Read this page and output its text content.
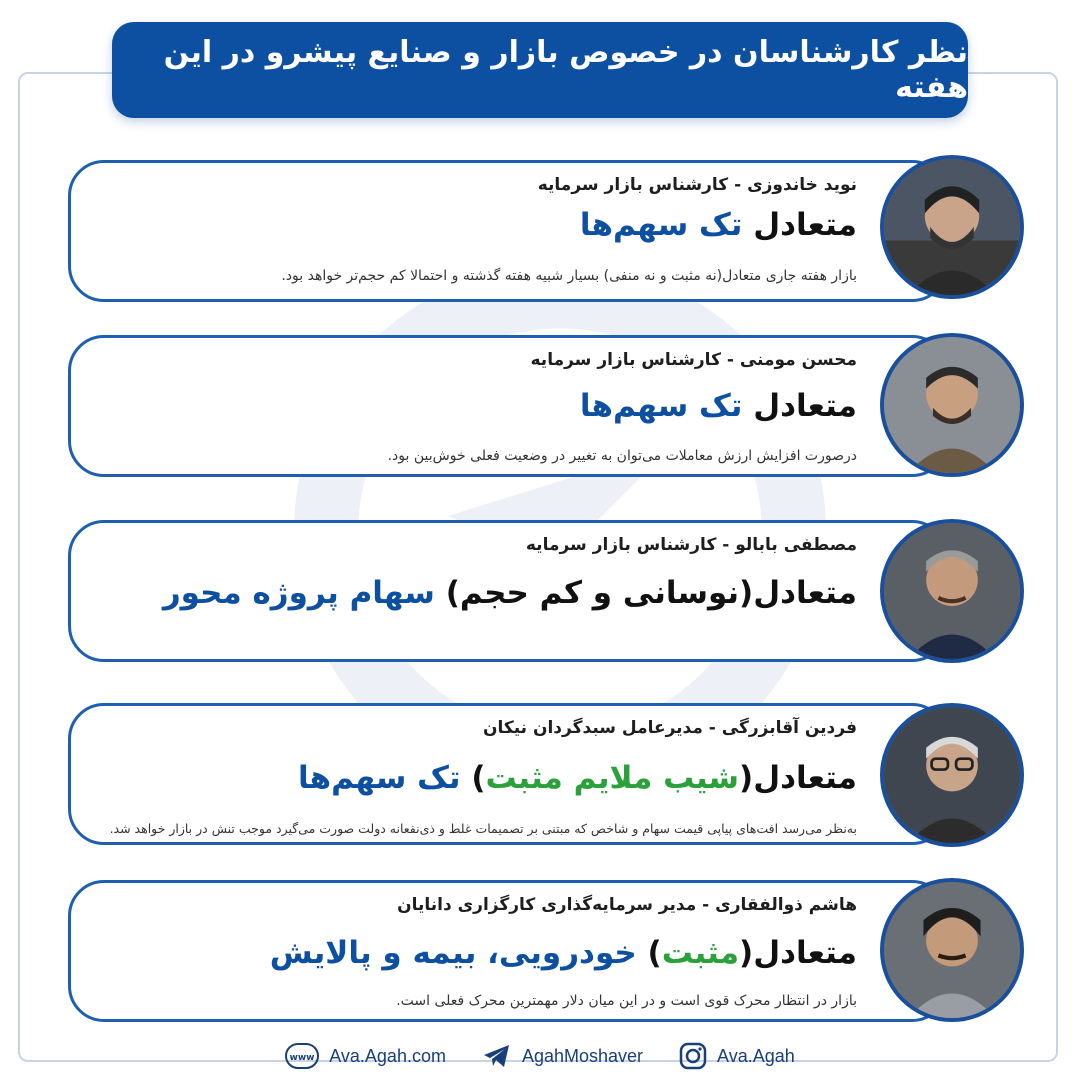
نظر کارشناسان در خصوص بازار و صنایع پیشرو در این هفته
نوید خاندوزی - کارشناس بازار سرمایه
متعادل تک سهم‌ها
بازار هفته جاری متعادل(نه مثبت و نه منفی) بسیار شبیه هفته گذشته و احتمالا کم حجم‌تر خواهد بود.
محسن مومنی - کارشناس بازار سرمایه
متعادل تک سهم‌ها
درصورت افزایش ارزش معاملات می‌توان به تغییر در وضعیت فعلی خوش‌بین بود.
مصطفی بابالو - کارشناس بازار سرمایه
متعادل(نوسانی و کم حجم) سهام پروژه محور
فردین آقابزرگی - مدیرعامل سبدگردان نیکان
متعادل(شیب ملایم مثبت) تک سهم‌ها
به‌نظر می‌رسد افت‌های پیاپی قیمت سهام و شاخص که مبتنی بر تصمیمات غلط و ذی‌نفعانه دولت صورت می‌گیرد موجب تنش در بازار خواهد شد.
هاشم ذوالفقاری - مدیر سرمایه‌گذاری کارگزاری دانایان
متعادل(مثبت) خودرویی، بیمه و پالایش
بازار در انتظار محرک قوی است و در این میان دلار مهمترین محرک فعلی است.
www Ava.Agah.com	AgahMoshaver	Ava.Agah
